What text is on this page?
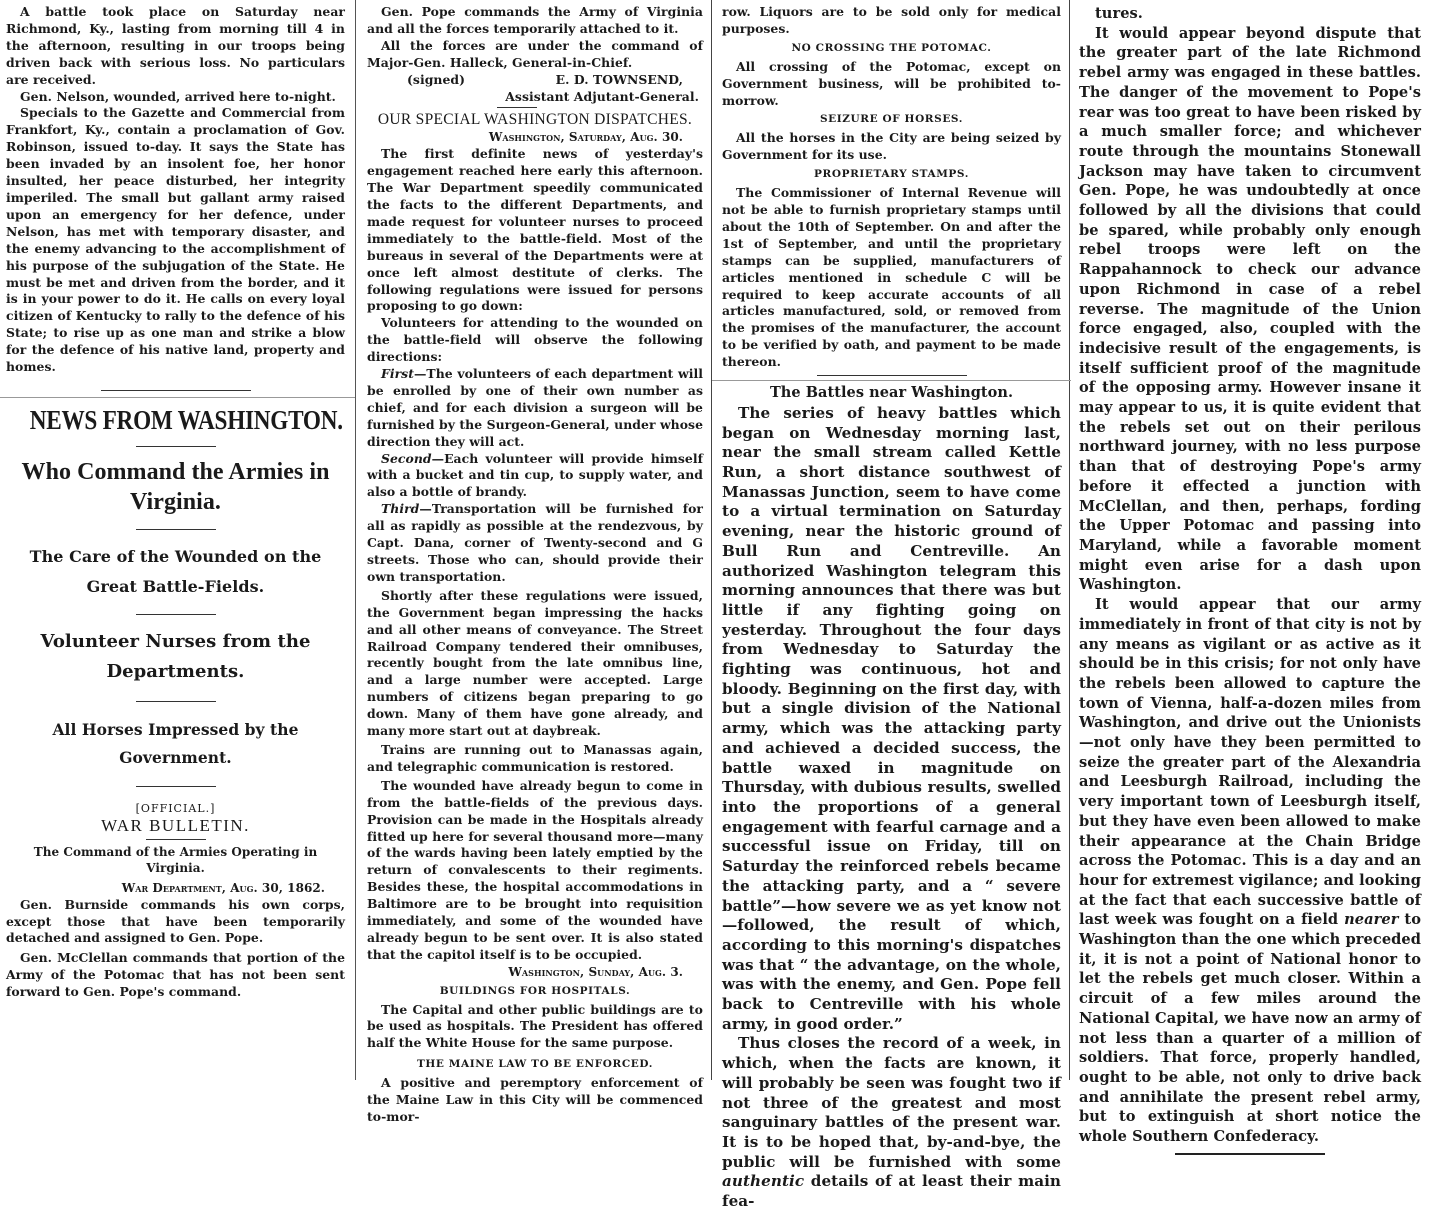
A battle took place on Saturday near Richmond, Ky., lasting from morning till 4 in the afternoon, resulting in our troops being driven back with serious loss. No particulars are received.

Gen. Nelson, wounded, arrived here to-night.

Specials to the Gazette and Commercial from Frankfort, Ky., contain a proclamation of Gov. Robinson, issued to-day. It says the State has been invaded by an insolent foe, her honor insulted, her peace disturbed, her integrity imperiled. The small but gallant army raised upon an emergency for her defence, under Nelson, has met with temporary disaster, and the enemy advancing to the accomplishment of his purpose of the subjugation of the State. He must be met and driven from the border, and it is in your power to do it. He calls on every loyal citizen of Kentucky to rally to the defence of his State; to rise up as one man and strike a blow for the defence of his native land, property and homes.

NEWS FROM WASHINGTON.
Who Command the Armies in Virginia.
The Care of the Wounded on the Great Battle-Fields.
Volunteer Nurses from the Departments.
All Horses Impressed by the Government.
[OFFICIAL.]
WAR BULLETIN.
The Command of the Armies Operating in Virginia.
War Department, Aug. 30, 1862.

Gen. Burnside commands his own corps, except those that have been temporarily detached and assigned to Gen. Pope.

Gen. McClellan commands that portion of the Army of the Potomac that has not been sent forward to Gen. Pope's command.

Gen. Pope commands the Army of Virginia and all the forces temporarily attached to it.

All the forces are under the command of Major-Gen. Halleck, General-in-Chief.

(signed)	E. D. TOWNSEND,
Assistant Adjutant-General.
OUR SPECIAL WASHINGTON DISPATCHES.
Washington, Saturday, Aug. 30.

The first definite news of yesterday's engagement reached here early this afternoon. The War Department speedily communicated the facts to the different Departments, and made request for volunteer nurses to proceed immediately to the battle-field. Most of the bureaus in several of the Departments were at once left almost destitute of clerks. The following regulations were issued for persons proposing to go down:

Volunteers for attending to the wounded on the battle-field will observe the following directions:

First—The volunteers of each department will be enrolled by one of their own number as chief, and for each division a surgeon will be furnished by the Surgeon-General, under whose direction they will act.

Second—Each volunteer will provide himself with a bucket and tin cup, to supply water, and also a bottle of brandy.

Third—Transportation will be furnished for all as rapidly as possible at the rendezvous, by Capt. Dana, corner of Twenty-second and G streets. Those who can, should provide their own transportation.

Shortly after these regulations were issued, the Government began impressing the hacks and all other means of conveyance. The Street Railroad Company tendered their omnibuses, recently bought from the late omnibus line, and a large number were accepted. Large numbers of citizens began preparing to go down. Many of them have gone already, and many more start out at daybreak.

Trains are running out to Manassas again, and telegraphic communication is restored.

The wounded have already begun to come in from the battle-fields of the previous days. Provision can be made in the Hospitals already fitted up here for several thousand more—many of the wards having been lately emptied by the return of convalescents to their regiments. Besides these, the hospital accommodations in Baltimore are to be brought into requisition immediately, and some of the wounded have already begun to be sent over. It is also stated that the capitol itself is to be occupied.

Washington, Sunday, Aug. 3.
BUILDINGS FOR HOSPITALS.

The Capital and other public buildings are to be used as hospitals. The President has offered half the White House for the same purpose.

THE MAINE LAW TO BE ENFORCED.

A positive and peremptory enforcement of the Maine Law in this City will be commenced to-mor-

row. Liquors are to be sold only for medical purposes.

NO CROSSING THE POTOMAC.

All crossing of the Potomac, except on Government business, will be prohibited to-morrow.

SEIZURE OF HORSES.

All the horses in the City are being seized by Government for its use.

PROPRIETARY STAMPS.

The Commissioner of Internal Revenue will not be able to furnish proprietary stamps until about the 10th of September. On and after the 1st of September, and until the proprietary stamps can be supplied, manufacturers of articles mentioned in schedule C will be required to keep accurate accounts of all articles manufactured, sold, or removed from the promises of the manufacturer, the account to be verified by oath, and payment to be made thereon.

The Battles near Washington.

The series of heavy battles which began on Wednesday morning last, near the small stream called Kettle Run, a short distance southwest of Manassas Junction, seem to have come to a virtual termination on Saturday evening, near the historic ground of Bull Run and Centreville. An authorized Washington telegram this morning announces that there was but little if any fighting going on yesterday. Throughout the four days from Wednesday to Saturday the fighting was continuous, hot and bloody. Beginning on the first day, with but a single division of the National army, which was the attacking party and achieved a decided success, the battle waxed in magnitude on Thursday, with dubious results, swelled into the proportions of a general engagement with fearful carnage and a successful issue on Friday, till on Saturday the reinforced rebels became the attacking party, and a “ severe battle”—how severe we as yet know not—followed, the result of which, according to this morning's dispatches was that “ the advantage, on the whole, was with the enemy, and Gen. Pope fell back to Centreville with his whole army, in good order.”

Thus closes the record of a week, in which, when the facts are known, it will probably be seen was fought two if not three of the greatest and most sanguinary battles of the present war. It is to be hoped that, by-and-bye, the public will be furnished with some authentic details of at least their main fea-

tures.

It would appear beyond dispute that the greater part of the late Richmond rebel army was engaged in these battles. The danger of the movement to Pope's rear was too great to have been risked by a much smaller force; and whichever route through the mountains Stonewall Jackson may have taken to circumvent Gen. Pope, he was undoubtedly at once followed by all the divisions that could be spared, while probably only enough rebel troops were left on the Rappahannock to check our advance upon Richmond in case of a rebel reverse. The magnitude of the Union force engaged, also, coupled with the indecisive result of the engagements, is itself sufficient proof of the magnitude of the opposing army. However insane it may appear to us, it is quite evident that the rebels set out on their perilous northward journey, with no less purpose than that of destroying Pope's army before it effected a junction with McClellan, and then, perhaps, fording the Upper Potomac and passing into Maryland, while a favorable moment might even arise for a dash upon Washington.

It would appear that our army immediately in front of that city is not by any means as vigilant or as active as it should be in this crisis; for not only have the rebels been allowed to capture the town of Vienna, half-a-dozen miles from Washington, and drive out the Unionists—not only have they been permitted to seize the greater part of the Alexandria and Leesburgh Railroad, including the very important town of Leesburgh itself, but they have even been allowed to make their appearance at the Chain Bridge across the Potomac. This is a day and an hour for extremest vigilance; and looking at the fact that each successive battle of last week was fought on a field nearer to Washington than the one which preceded it, it is not a point of National honor to let the rebels get much closer. Within a circuit of a few miles around the National Capital, we have now an army of not less than a quarter of a million of soldiers. That force, properly handled, ought to be able, not only to drive back and annihilate the present rebel army, but to extinguish at short notice the whole Southern Confederacy.
